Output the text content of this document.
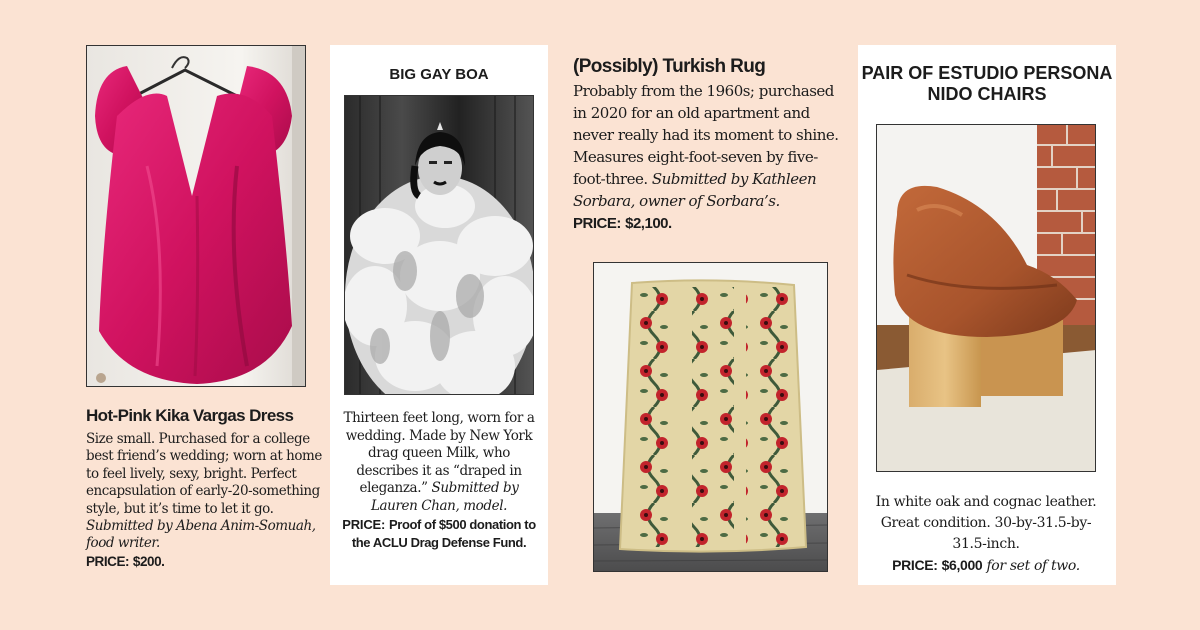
Hot-Pink Kika Vargas Dress
Size small. Purchased for a college best friend’s wedding; worn at home to feel lively, sexy, bright. Perfect encapsulation of early-20-something style, but it’s time to let it go. Submitted by Abena Anim-Somuah, food writer.
PRICE: $200.
BIG GAY BOA
Thirteen feet long, worn for a wedding. Made by New York drag queen Milk, who describes it as “draped in eleganza.” Submitted by Lauren Chan, model.
PRICE: Proof of $500 donation to the ACLU Drag Defense Fund.
(Possibly) Turkish Rug
Probably from the 1960s; purchased in 2020 for an old apartment and never really had its moment to shine. Measures eight-foot-seven by five-foot-three. Submitted by Kathleen Sorbara, owner of Sorbara’s.
PRICE: $2,100.
PAIR OF ESTUDIO PERSONA NIDO CHAIRS
In white oak and cognac leather. Great condition. 30-by-31.5-by-31.5-inch.
PRICE: $6,000 for set of two.
